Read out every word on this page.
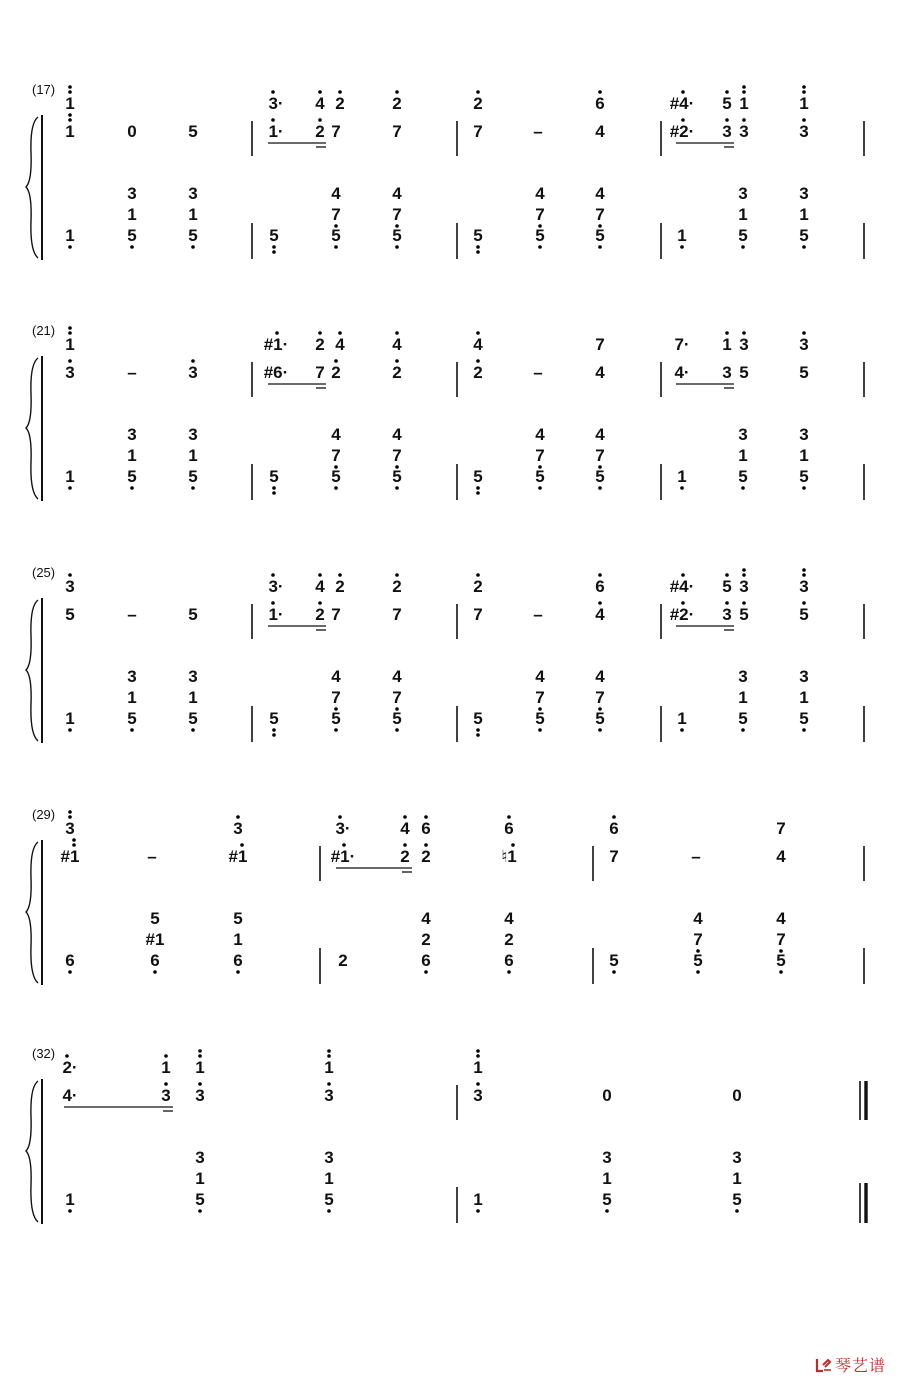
(17)
1	3· 4 2	2	2	6	#4· 5 1	1
1	0	5	1· 2 7	7	7	–	4	#2· 3 3	3
3	3	4	4	4	4	3	3
1	1	7	7	7	7	1	1
1	5	5	5	5	5	5	5	5	1	5	5
(21)
1	#1· 2 4	4	4	7	7· 1 3	3
3	–	3	#6· 7 2	2	2	–	4	4· 3 5	5
3	3	4	4	4	4	3	3
1	1	7	7	7	7	1	1
1	5	5	5	5	5	5	5	5	1	5	5
(25)
3	3· 4 2	2	2	6	#4· 5 3	3
5	–	5	1· 2 7	7	7	–	4	#2· 3 5	5
3	3	4	4	4	4	3	3
1	1	7	7	7	7	1	1
1	5	5	5	5	5	5	5	5	1	5	5
(29)
3	3	3·	4 6	6	6	7
#1	–	#1	#1·	2 2	♮1	7	–	4
5	5	4	4	4	4
#1	1	2	2	7	7
6	6	6	2	6	6	5	5	5
(32)
2·	1 1	1	1
4·	3 3	3	3	0	0
3	3	3	3
1	1	1	1
1	5	5	1	5	5
琴艺谱
